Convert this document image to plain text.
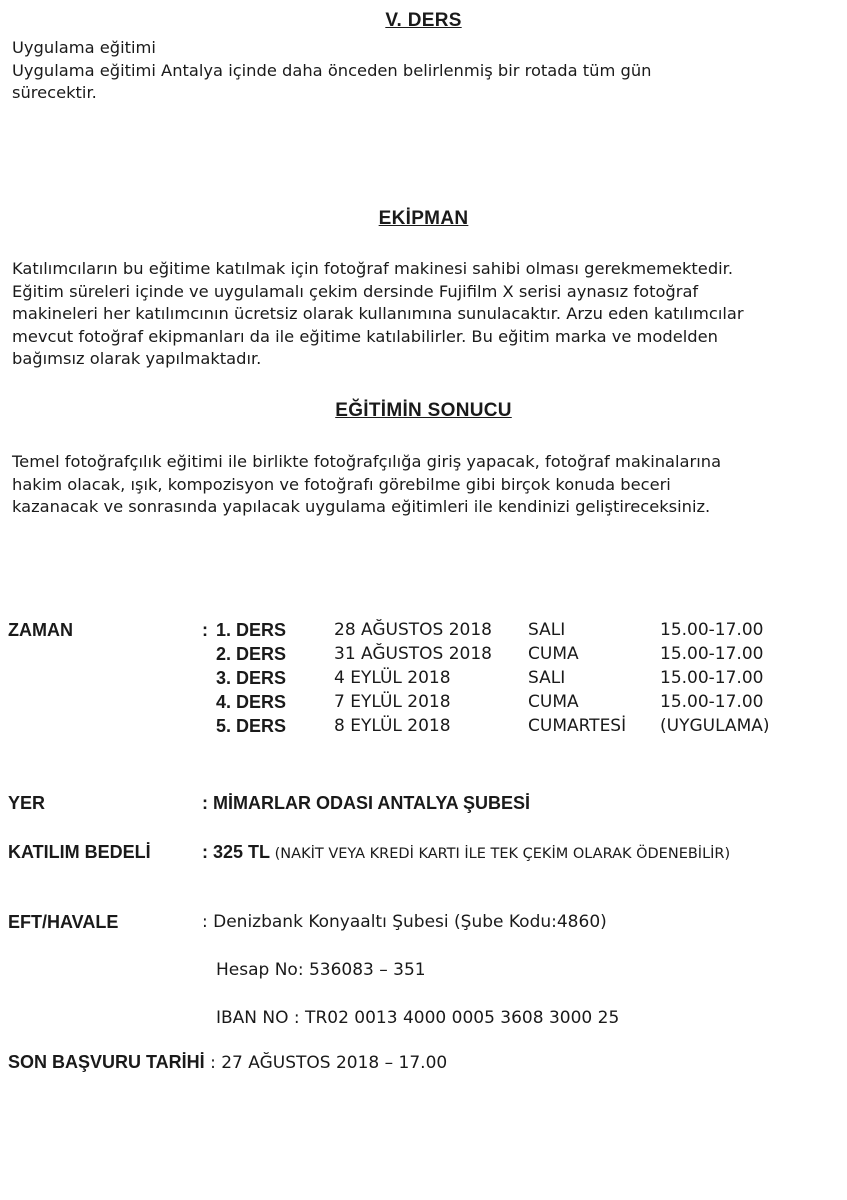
V. DERS
Uygulama eğitimi
Uygulama eğitimi Antalya içinde daha önceden belirlenmiş bir rotada tüm gün
sürecektir.
EKİPMAN
Katılımcıların bu eğitime katılmak için fotoğraf makinesi sahibi olması gerekmemektedir.
Eğitim süreleri içinde ve uygulamalı çekim dersinde Fujifilm X serisi aynasız fotoğraf
makineleri her katılımcının ücretsiz olarak kullanımına sunulacaktır. Arzu eden katılımcılar
mevcut fotoğraf ekipmanları da ile eğitime katılabilirler. Bu eğitim marka ve modelden
bağımsız olarak yapılmaktadır.
EĞİTİMİN SONUCU
Temel fotoğrafçılık eğitimi ile birlikte fotoğrafçılığa giriş yapacak, fotoğraf makinalarına
hakim olacak, ışık, kompozisyon ve fotoğrafı görebilme gibi birçok konuda beceri
kazanacak ve sonrasında yapılacak uygulama eğitimleri ile kendinizi geliştireceksiniz.
ZAMAN	: 1. DERS	28 AĞUSTOS 2018 SALI	15.00-17.00
2. DERS	31 AĞUSTOS 2018 CUMA	15.00-17.00
3. DERS	4 EYLÜL 2018	SALI	15.00-17.00
4. DERS	7 EYLÜL 2018	CUMA	15.00-17.00
5. DERS	8 EYLÜL 2018	CUMARTESİ (UYGULAMA)
YER	: MİMARLAR ODASI ANTALYA ŞUBESİ
KATILIM BEDELİ	: 325 TL (NAKİT VEYA KREDİ KARTI İLE TEK ÇEKİM OLARAK ÖDENEBİLİR)
EFT/HAVALE	: Denizbank Konyaaltı Şubesi (Şube Kodu:4860)
Hesap No: 536083 – 351
IBAN NO : TR02 0013 4000 0005 3608 3000 25
SON BAŞVURU TARİHİ : 27 AĞUSTOS 2018 – 17.00
